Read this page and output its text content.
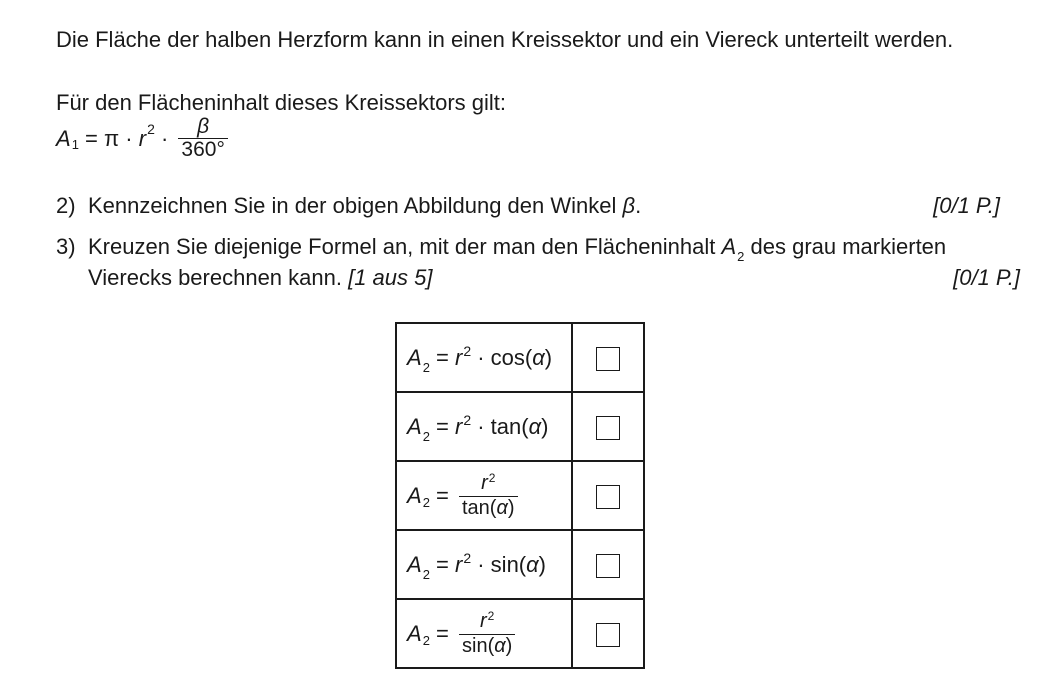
Die Fläche der halben Herzform kann in einen Kreissektor und ein Viereck unterteilt werden.
Für den Flächeninhalt dieses Kreissektors gilt:
A 1 = π · r $2 \cdot \frac{\beta}{360^\circ}$
2) Kennzeichnen Sie in der obigen Abbildung den Winkel β.	[0/1 P.]
3) Kreuzen Sie diejenige Formel an, mit der man den Flächeninhalt $A_2$ des grau markierten
Vierecks berechnen kann. [1 aus 5]	[0/1 P.]
$A_2 = r^2 \cdot \cos(\alpha)$	
$A_2 = r^2 \cdot \tan(\alpha)$	

A $2 = \frac{r^2}{\tan(\alpha)}$

$A_2 = r^2 \cdot \sin(\alpha)$	

A $2 = \frac{r^2}{\sin(\alpha)}$
